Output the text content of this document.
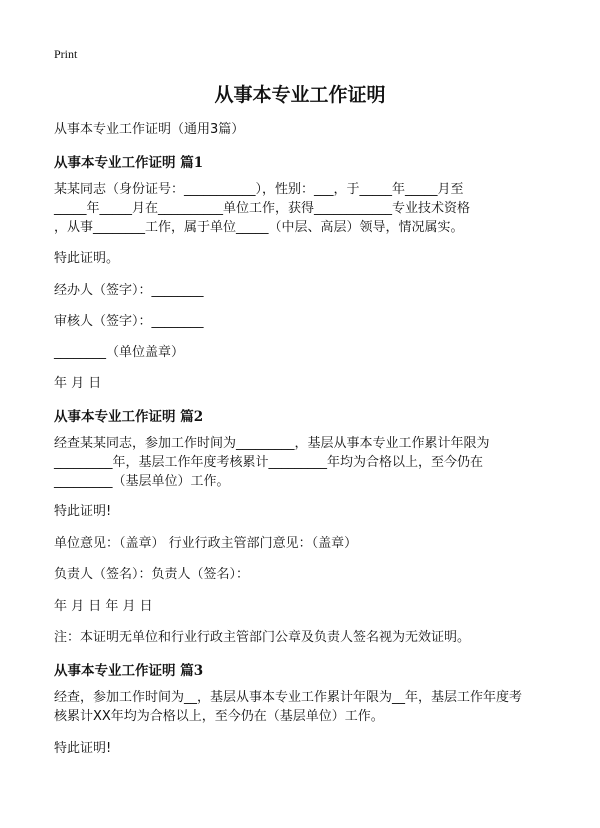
Print
从事本专业工作证明
从事本专业工作证明（通用3篇）
从事本专业工作证明 篇1
某某同志（身份证号：___________），性别：___，于_____年_____月至
_____年_____月在__________单位工作，获得____________专业技术资格
，从事________工作，属于单位_____（中层、高层）领导，情况属实。
特此证明。
经办人（签字）：________
审核人（签字）：________
________（单位盖章）
年 月 日
从事本专业工作证明 篇2
经查某某同志，参加工作时间为_________，基层从事本专业工作累计年限为
_________年，基层工作年度考核累计_________年均为合格以上，至今仍在
_________（基层单位）工作。
特此证明!
单位意见：（盖章） 行业行政主管部门意见：（盖章）
负责人（签名）：负责人（签名）：
年 月 日 年 月 日
注：本证明无单位和行业行政主管部门公章及负责人签名视为无效证明。
从事本专业工作证明 篇3
经查，参加工作时间为__，基层从事本专业工作累计年限为__年，基层工作年度考
核累计XX年均为合格以上，至今仍在（基层单位）工作。
特此证明!
